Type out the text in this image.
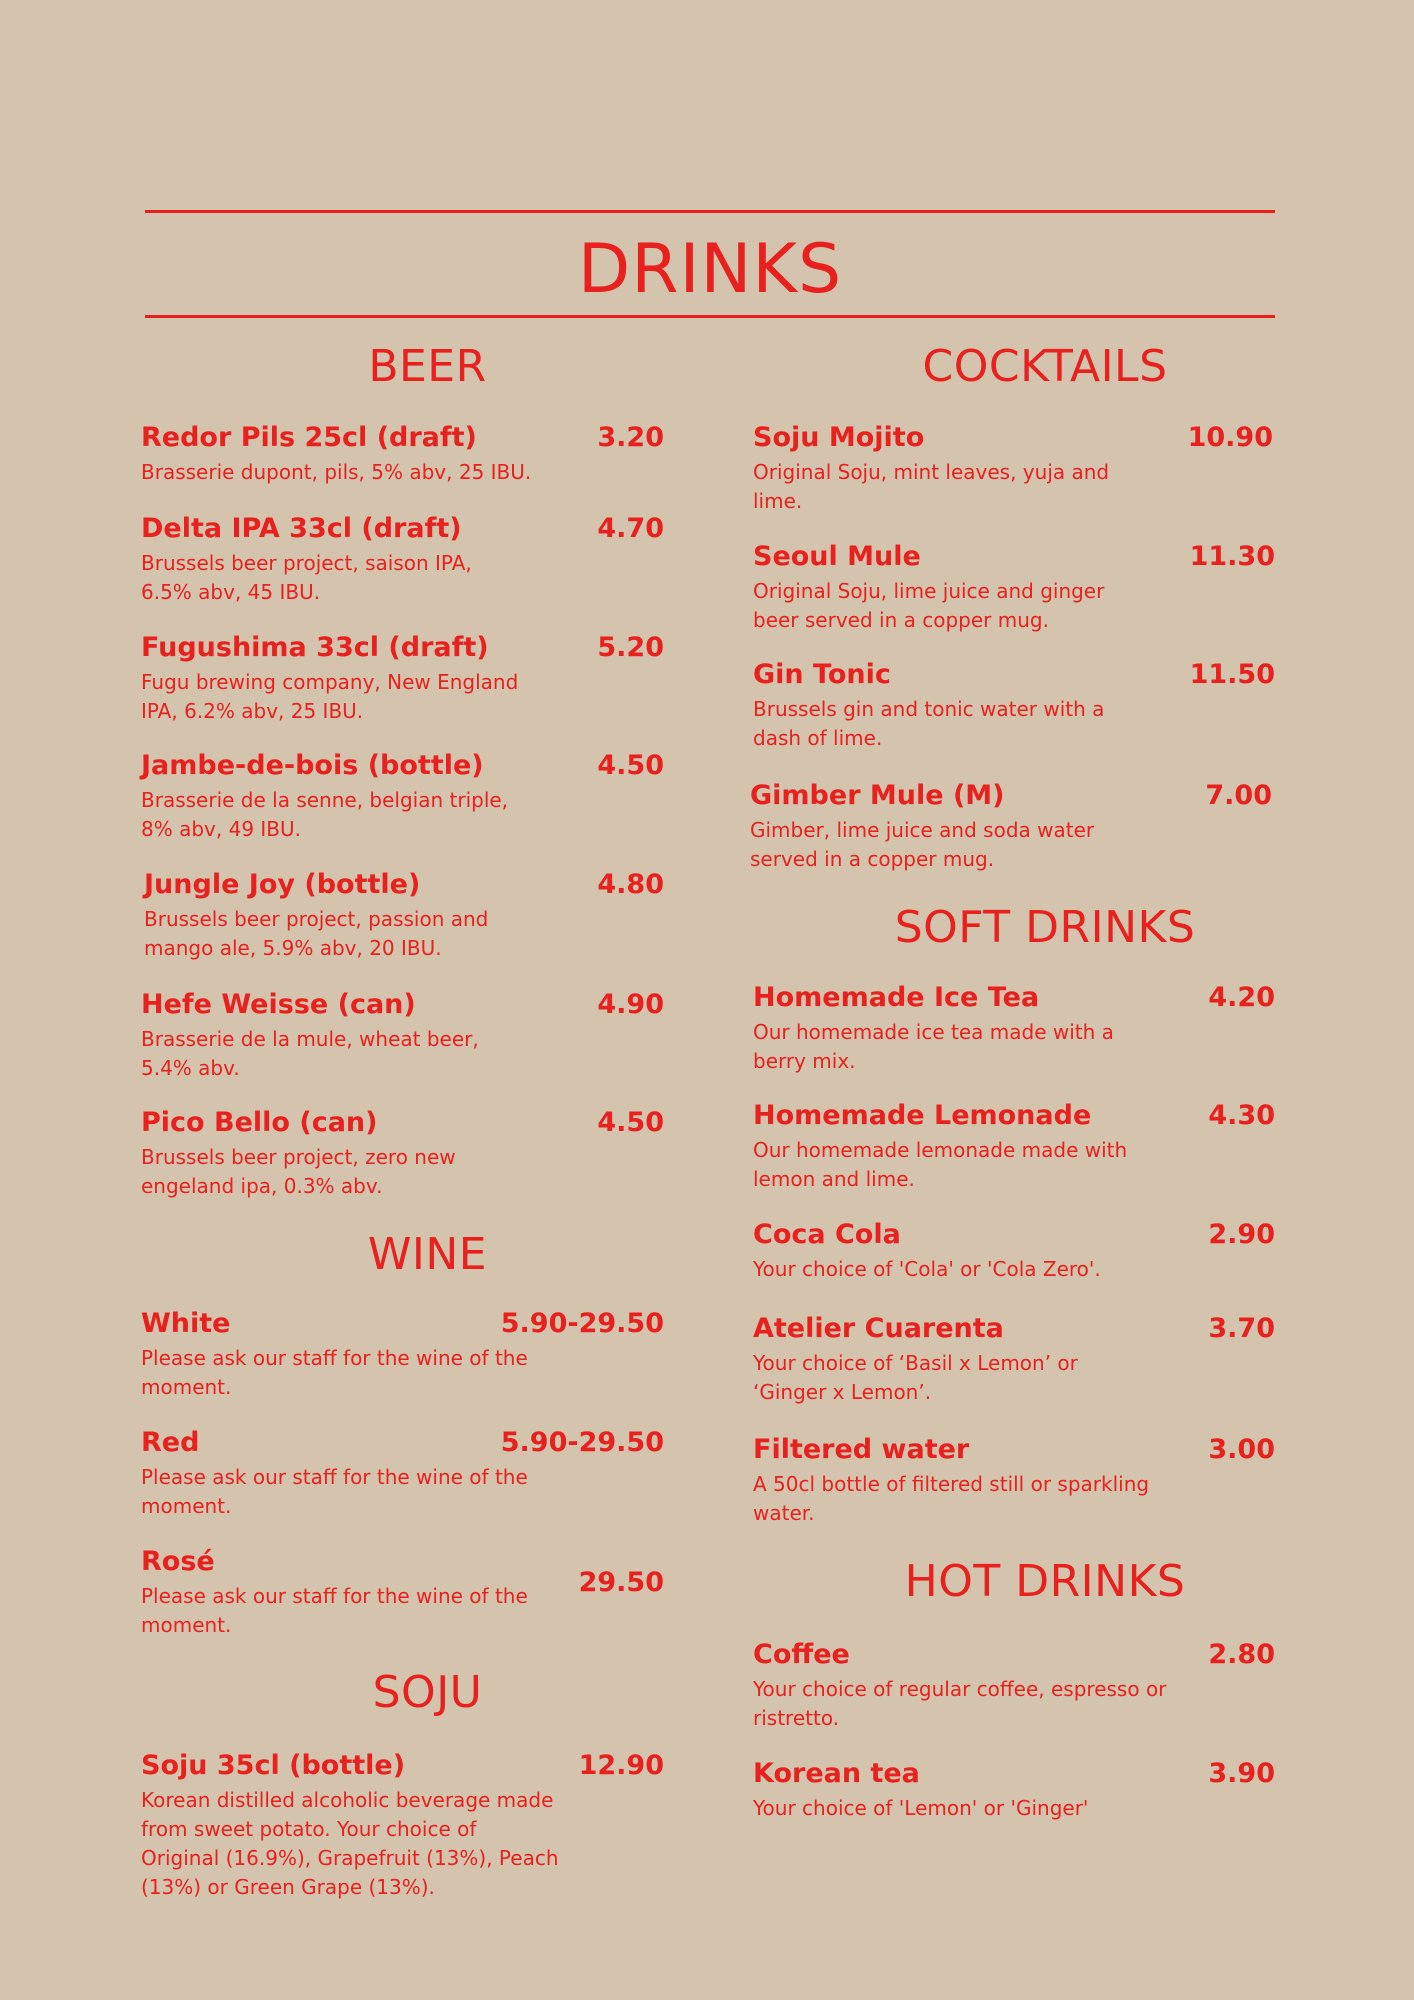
DRINKS
BEER
Redor Pils 25cl (draft)	3.20
Brasserie dupont, pils, 5% abv, 25 IBU.
Delta IPA 33cl (draft)	4.70
Brussels beer project, saison IPA, 6.5% abv, 45 IBU.
Fugushima 33cl (draft)	5.20
Fugu brewing company, New England IPA, 6.2% abv, 25 IBU.
Jambe-de-bois (bottle)	4.50
Brasserie de la senne, belgian triple, 8% abv, 49 IBU.
Jungle Joy (bottle)	4.80
Brussels beer project, passion and mango ale, 5.9% abv, 20 IBU.
Hefe Weisse (can)	4.90
Brasserie de la mule, wheat beer, 5.4% abv.
Pico Bello (can)	4.50
Brussels beer project, zero new engeland ipa, 0.3% abv.
WINE
White	5.90-29.50
Please ask our staff for the wine of the moment.
Red	5.90-29.50
Please ask our staff for the wine of the moment.
Rosé
29.50
Please ask our staff for the wine of the moment.
SOJU
Soju 35cl (bottle)	12.90
Korean distilled alcoholic beverage made from sweet potato. Your choice of Original (16.9%), Grapefruit (13%), Peach (13%) or Green Grape (13%).
COCKTAILS
Soju Mojito	10.90
Original Soju, mint leaves, yuja and lime.
Seoul Mule	11.30
Original Soju, lime juice and ginger beer served in a copper mug.
Gin Tonic	11.50
Brussels gin and tonic water with a dash of lime.
Gimber Mule (M)	7.00
Gimber, lime juice and soda water served in a copper mug.
SOFT DRINKS
Homemade Ice Tea	4.20
Our homemade ice tea made with a berry mix.
Homemade Lemonade	4.30
Our homemade lemonade made with lemon and lime.
Coca Cola	2.90
Your choice of 'Cola' or 'Cola Zero'.
Atelier Cuarenta	3.70
Your choice of ‘Basil x Lemon’ or ‘Ginger x Lemon’.
Filtered water	3.00
A 50cl bottle of filtered still or sparkling water.
HOT DRINKS
Coffee	2.80
Your choice of regular coffee, espresso or ristretto.
Korean tea	3.90
Your choice of 'Lemon' or 'Ginger'
